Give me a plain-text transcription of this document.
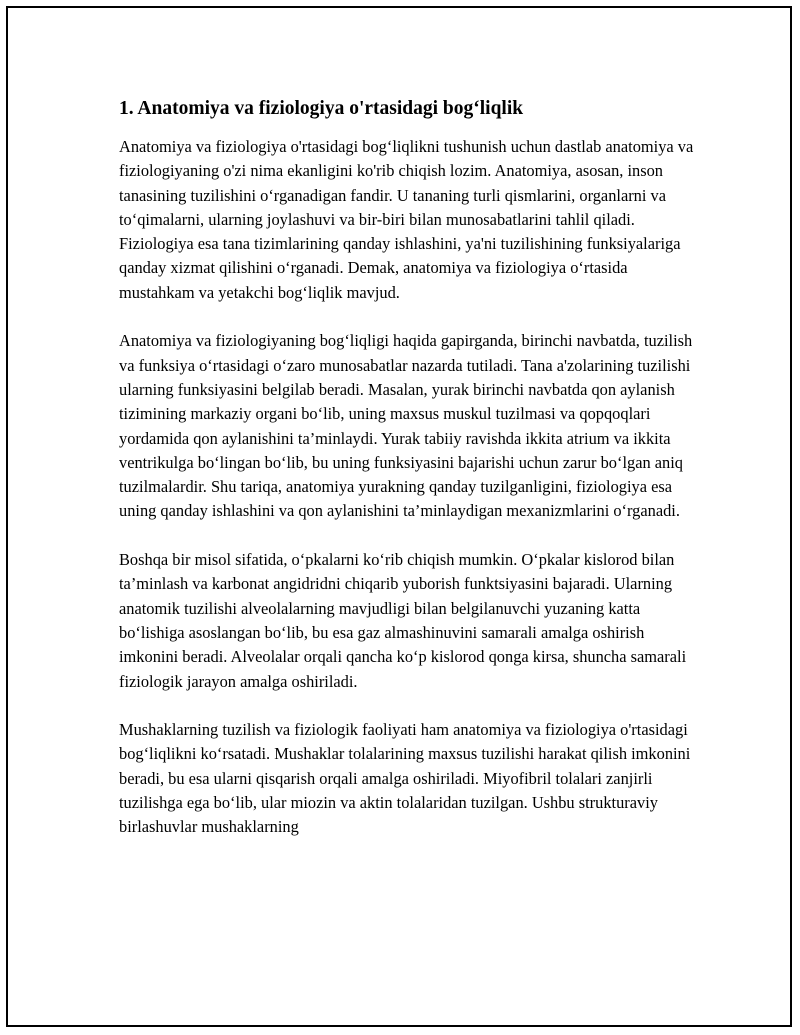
1. Anatomiya va fiziologiya o'rtasidagi bog‘liqlik

Anatomiya va fiziologiya o'rtasidagi bog‘liqlikni tushunish uchun dastlab anatomiya va fiziologiyaning o'zi nima ekanligini ko'rib chiqish lozim. Anatomiya, asosan, inson tanasining tuzilishini o‘rganadigan fandir. U tananing turli qismlarini, organlarni va to‘qimalarni, ularning joylashuvi va bir-biri bilan munosabatlarini tahlil qiladi. Fiziologiya esa tana tizimlarining qanday ishlashini, ya'ni tuzilishining funksiyalariga qanday xizmat qilishini o‘rganadi. Demak, anatomiya va fiziologiya o‘rtasida mustahkam va yetakchi bog‘liqlik mavjud.

Anatomiya va fiziologiyaning bog‘liqligi haqida gapirganda, birinchi navbatda, tuzilish va funksiya o‘rtasidagi o‘zaro munosabatlar nazarda tutiladi. Tana a'zolarining tuzilishi ularning funksiyasini belgilab beradi. Masalan, yurak birinchi navbatda qon aylanish tizimining markaziy organi bo‘lib, uning maxsus muskul tuzilmasi va qopqoqlari yordamida qon aylanishini ta’minlaydi. Yurak tabiiy ravishda ikkita atrium va ikkita ventrikulga bo‘lingan bo‘lib, bu uning funksiyasini bajarishi uchun zarur bo‘lgan aniq tuzilmalardir. Shu tariqa, anatomiya yurakning qanday tuzilganligini, fiziologiya esa uning qanday ishlashini va qon aylanishini ta’minlaydigan mexanizmlarini o‘rganadi.

Boshqa bir misol sifatida, o‘pkalarni ko‘rib chiqish mumkin. O‘pkalar kislorod bilan ta’minlash va karbonat angidridni chiqarib yuborish funktsiyasini bajaradi. Ularning anatomik tuzilishi alveolalarning mavjudligi bilan belgilanuvchi yuzaning katta bo‘lishiga asoslangan bo‘lib, bu esa gaz almashinuvini samarali amalga oshirish imkonini beradi. Alveolalar orqali qancha ko‘p kislorod qonga kirsa, shuncha samarali fiziologik jarayon amalga oshiriladi.

Mushaklarning tuzilish va fiziologik faoliyati ham anatomiya va fiziologiya o'rtasidagi bog‘liqlikni ko‘rsatadi. Mushaklar tolalarining maxsus tuzilishi harakat qilish imkonini beradi, bu esa ularni qisqarish orqali amalga oshiriladi. Miyofibril tolalari zanjirli tuzilishga ega bo‘lib, ular miozin va aktin tolalaridan tuzilgan. Ushbu strukturaviy birlashuvlar mushaklarning
